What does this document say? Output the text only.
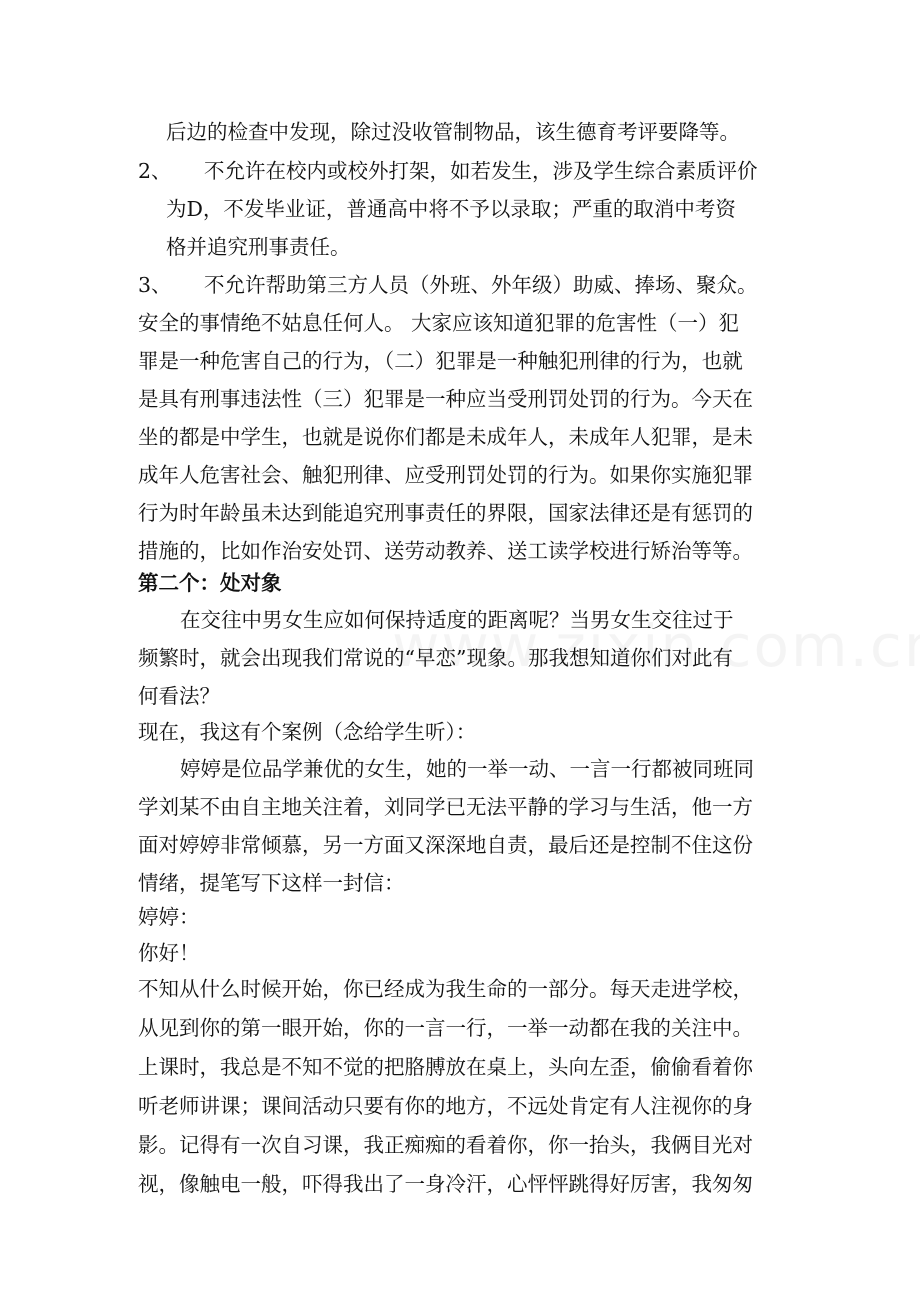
后边的检查中发现，除过没收管制物品，该生德育考评要降等。
2、 不允许在校内或校外打架，如若发生，涉及学生综合素质评价
为D，不发毕业证，普通高中将不予以录取；严重的取消中考资
格并追究刑事责任。
3、 不允许帮助第三方人员（外班、外年级）助威、捧场、聚众。
安全的事情绝不姑息任何人。 大家应该知道犯罪的危害性（一）犯
罪是一种危害自己的行为，（二）犯罪是一种触犯刑律的行为，也就
是具有刑事违法性（三）犯罪是一种应当受刑罚处罚的行为。今天在
坐的都是中学生，也就是说你们都是未成年人，未成年人犯罪，是未
成年人危害社会、触犯刑律、应受刑罚处罚的行为。如果你实施犯罪
行为时年龄虽未达到能追究刑事责任的界限，国家法律还是有惩罚的
措施的，比如作治安处罚、送劳动教养、送工读学校进行矫治等等。
第二个：处对象
在交往中男女生应如何保持适度的距离呢？当男女生交往过于
频繁时，就会出现我们常说的“早恋”现象。那我想知道你们对此有
何看法？
现在，我这有个案例（念给学生听）：
婷婷是位品学兼优的女生，她的一举一动、一言一行都被同班同
学刘某不由自主地关注着，刘同学已无法平静的学习与生活，他一方
面对婷婷非常倾慕，另一方面又深深地自责，最后还是控制不住这份
情绪，提笔写下这样一封信：
婷婷：
你好！
不知从什么时候开始，你已经成为我生命的一部分。每天走进学校，
从见到你的第一眼开始，你的一言一行，一举一动都在我的关注中。
上课时，我总是不知不觉的把胳膊放在桌上，头向左歪，偷偷看着你
听老师讲课；课间活动只要有你的地方，不远处肯定有人注视你的身
影。记得有一次自习课，我正痴痴的看着你，你一抬头，我俩目光对
视，像触电一般，吓得我出了一身冷汗，心怦怦跳得好厉害，我匆匆
